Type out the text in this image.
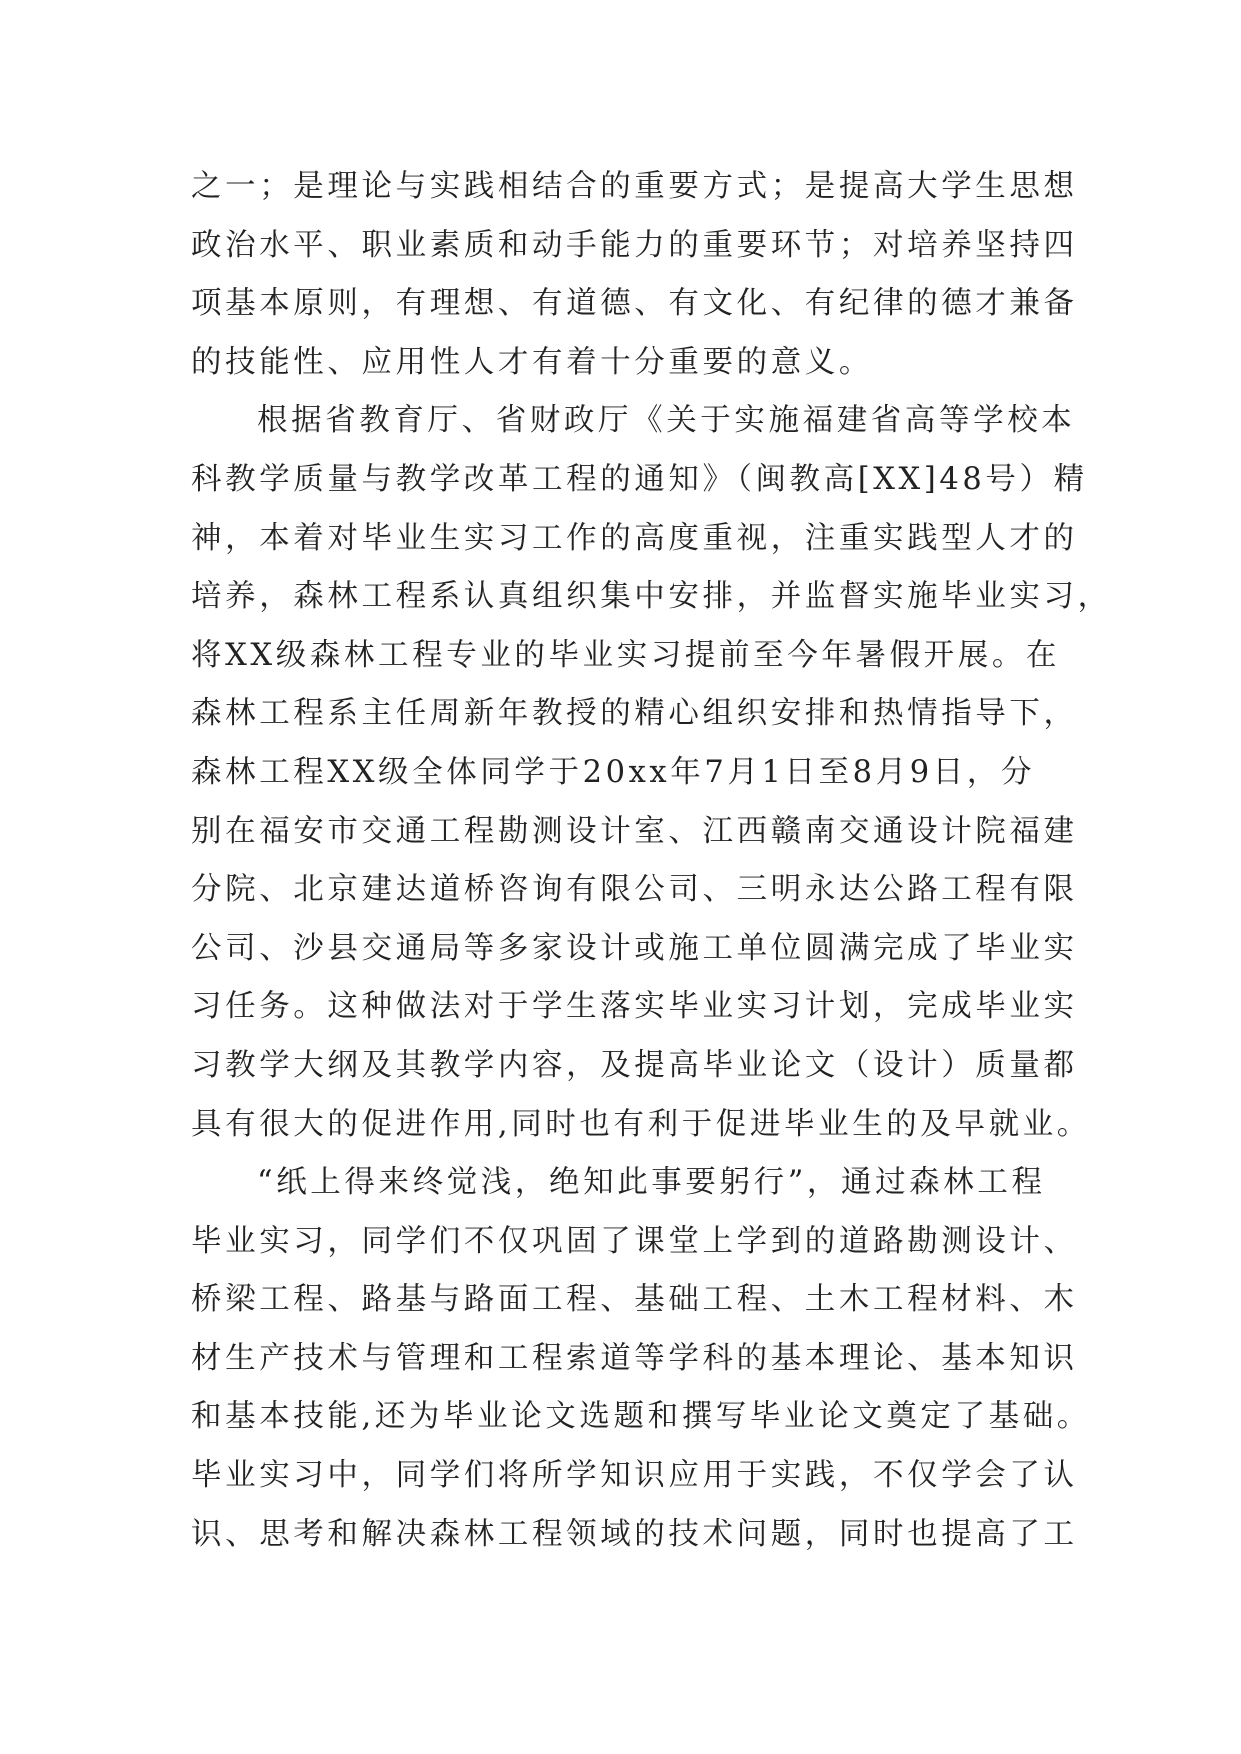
之一；是理论与实践相结合的重要方式；是提高大学生思想
政治水平、职业素质和动手能力的重要环节；对培养坚持四
项基本原则，有理想、有道德、有文化、有纪律的德才兼备
的技能性、应用性人才有着十分重要的意义。
根据省教育厅、省财政厅《关于实施福建省高等学校本
科教学质量与教学改革工程的通知》（闽教高[XX]48号）精
神，本着对毕业生实习工作的高度重视，注重实践型人才的
培养，森林工程系认真组织集中安排，并监督实施毕业实习，
将XX级森林工程专业的毕业实习提前至今年暑假开展。在
森林工程系主任周新年教授的精心组织安排和热情指导下，
森林工程XX级全体同学于20xx年7月1日至8月9日，分
别在福安市交通工程勘测设计室、江西赣南交通设计院福建
分院、北京建达道桥咨询有限公司、三明永达公路工程有限
公司、沙县交通局等多家设计或施工单位圆满完成了毕业实
习任务。这种做法对于学生落实毕业实习计划，完成毕业实
习教学大纲及其教学内容，及提高毕业论文（设计）质量都
具有很大的促进作用,同时也有利于促进毕业生的及早就业。
“纸上得来终觉浅，绝知此事要躬行”，通过森林工程
毕业实习，同学们不仅巩固了课堂上学到的道路勘测设计、
桥梁工程、路基与路面工程、基础工程、土木工程材料、木
材生产技术与管理和工程索道等学科的基本理论、基本知识
和基本技能,还为毕业论文选题和撰写毕业论文奠定了基础。
毕业实习中，同学们将所学知识应用于实践，不仅学会了认
识、思考和解决森林工程领域的技术问题，同时也提高了工
